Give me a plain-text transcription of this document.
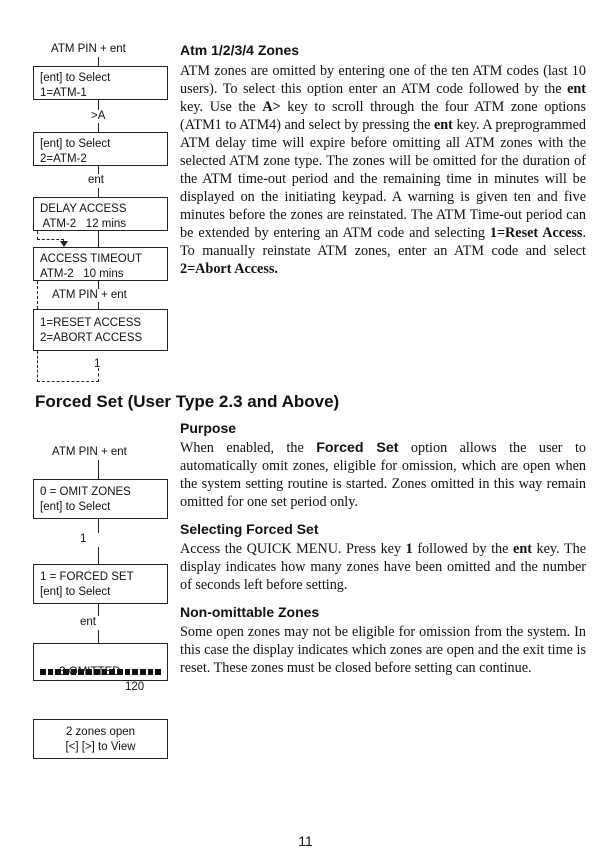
ATM PIN + ent
[ent] to Select
1=ATM-1
>A
[ent] to Select
2=ATM-2
ent
DELAY ACCESS
ATM-2   12 mins
ACCESS TIMEOUT
ATM-2   10 mins
ATM PIN + ent
1=RESET ACCESS
2=ABORT ACCESS
1
Atm 1/2/3/4 Zones

ATM zones are omitted by entering one of the ten ATM codes (last 10 users). To select this option enter an ATM code followed by the ent key. Use the A> key to scroll through the four ATM zone options (ATM1 to ATM4) and select by pressing the ent key. A preprogrammed ATM delay time will expire before omitting all ATM zones with the selected ATM zone type. The zones will be omitted for the duration of the ATM time-out period and the remaining time in minutes will be displayed on the initiating keypad. A warning is given ten and five minutes before the zones are reinstated. The ATM Time-out period can be extended by entering an ATM code and selecting 1=Reset Access. To manually reinstate ATM zones, enter an ATM code and select 2=Abort Access.

Forced Set (User Type 2.3 and Above)
ATM PIN + ent
0 = OMIT ZONES
[ent] to Select
1
1 = FORCED SET
[ent] to Select
ent

3 OMITTED

120

2 zones open
[<] [>] to View
Purpose

When enabled, the Forced Set option allows the user to automatically omit zones, eligible for omission, which are open when the system setting routine is started. Zones omitted in this way remain omitted for one set period only.

Selecting Forced Set

Access the QUICK MENU. Press key 1 followed by the ent key. The display indicates how many zones have been omitted and the number of seconds left before setting.

Non-omittable Zones

Some open zones may not be eligible for omission from the system. In this case the display indicates which zones are open and the exit time is reset. These zones must be closed before setting can continue.

11
